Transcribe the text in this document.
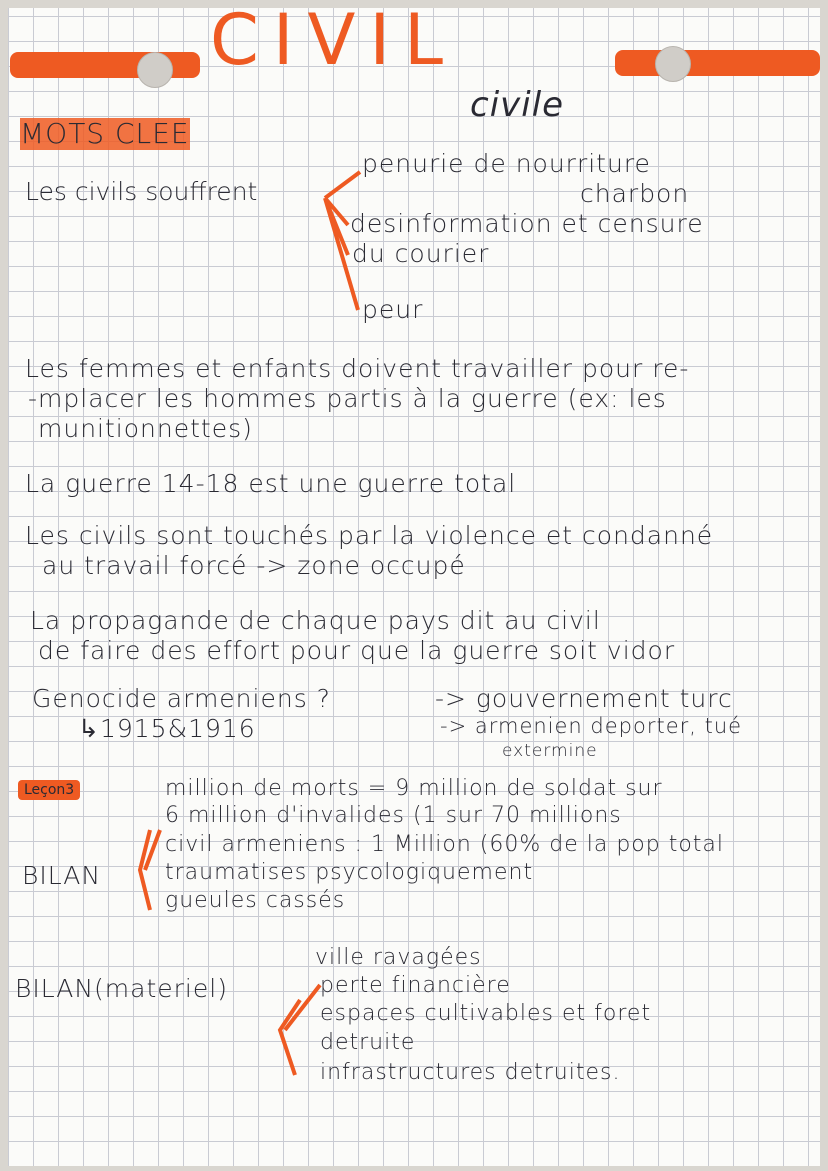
CIVIL
civile
MOTS CLEE
Les civils souffrent
penurie de nourriture
charbon
desinformation et censure
du courier
peur
Les femmes et enfants doivent travailler pour re-
-mplacer les hommes partis à la guerre (ex: les
munitionnettes)
La guerre 14-18 est une guerre total
Les civils sont touchés par la violence et condanné
au travail forcé -> zone occupé
La propagande de chaque pays dit au civil
de faire des effort pour que la guerre soit vidor
Genocide armeniens ?
↳1915&1916
-> gouvernement turc
-> armenien deporter, tué
extermine
Leçon3
BILAN
million de morts = 9 million de soldat sur
6 million d'invalides (1 sur 70 millions
civil armeniens : 1 Million (60% de la pop total
traumatises psycologiquement
gueules cassés
BILAN(materiel)
ville ravagées
perte financière
espaces cultivables et foret
detruite
infrastructures detruites.
